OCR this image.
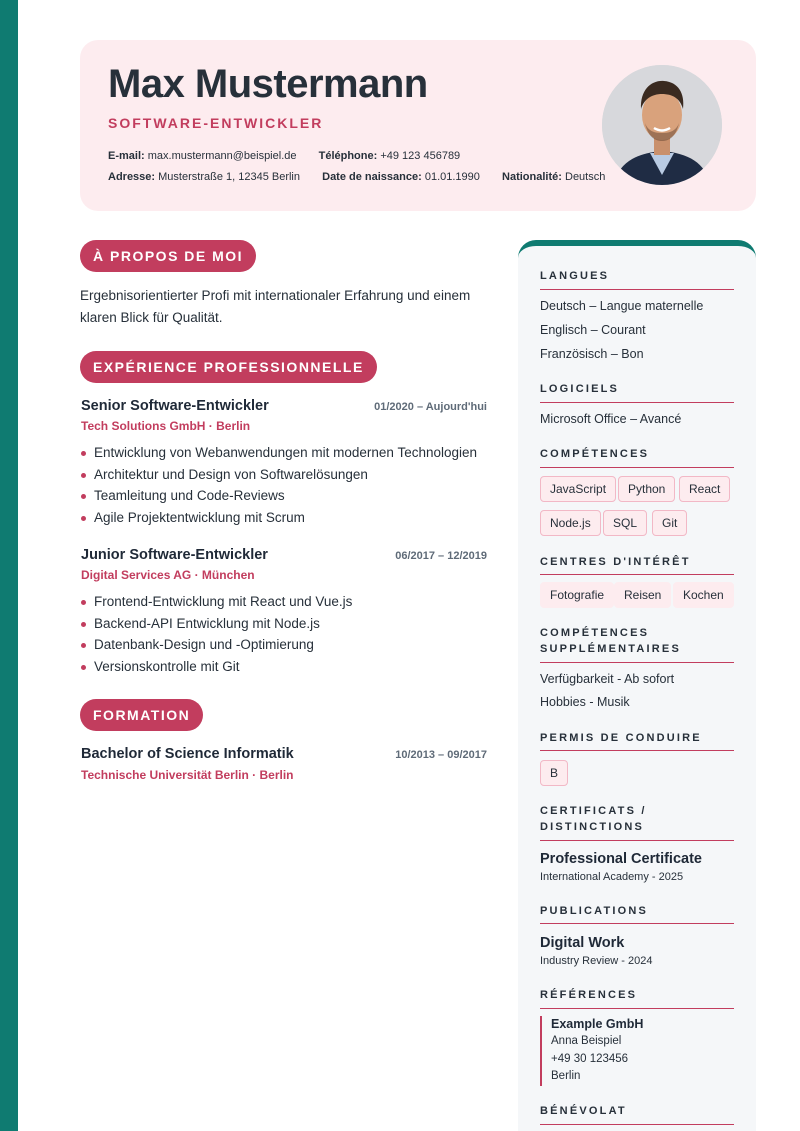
Max Mustermann
SOFTWARE-ENTWICKLER
E-mail: max.mustermann@beispiel.de Téléphone: +49 123 456789
Adresse: Musterstraße 1, 12345 Berlin Date de naissance: 01.01.1990 Nationalité: Deutsch
À PROPOS DE MOI
Ergebnisorientierter Profi mit internationaler Erfahrung und einem klaren Blick für Qualität.
EXPÉRIENCE PROFESSIONNELLE
Senior Software-Entwickler	01/2020 – Aujourd'hui
Tech Solutions GmbH · Berlin
Entwicklung von Webanwendungen mit modernen Technologien
Architektur und Design von Softwarelösungen
Teamleitung und Code-Reviews
Agile Projektentwicklung mit Scrum
Junior Software-Entwickler	06/2017 – 12/2019
Digital Services AG · München
Frontend-Entwicklung mit React und Vue.js
Backend-API Entwicklung mit Node.js
Datenbank-Design und -Optimierung
Versionskontrolle mit Git
FORMATION
Bachelor of Science Informatik	10/2013 – 09/2017
Technische Universität Berlin · Berlin
LANGUES
Deutsch – Langue maternelle
Englisch – Courant
Französisch – Bon
LOGICIELS
Microsoft Office – Avancé
COMPÉTENCES
JavaScript	Python	React
Node.js	SQL	Git
CENTRES D'INTÉRÊT
Fotografie	Reisen	Kochen
COMPÉTENCES
SUPPLÉMENTAIRES
Verfügbarkeit - Ab sofort
Hobbies - Musik
PERMIS DE CONDUIRE
B
CERTIFICATS /
DISTINCTIONS
Professional Certificate
International Academy - 2025
PUBLICATIONS
Digital Work
Industry Review - 2024
RÉFÉRENCES
Example GmbH
Anna Beispiel
+49 30 123456
Berlin
BÉNÉVOLAT
